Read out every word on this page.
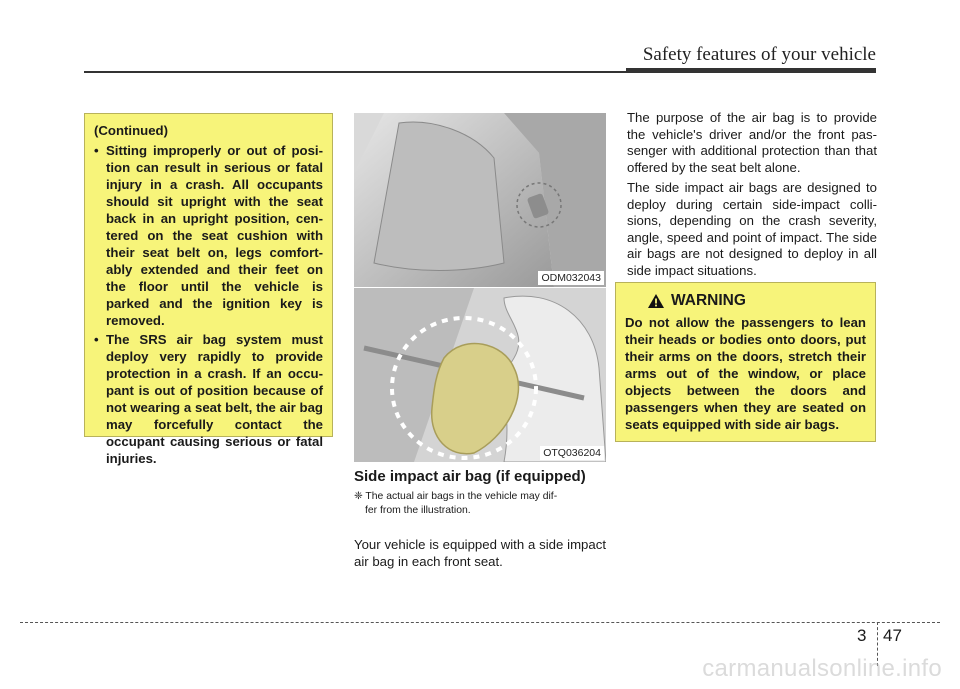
Safety features of your vehicle
(Continued)
• Sitting improperly or out of posi-tion can result in serious or fatal injury in a crash. All occupants should sit upright with the seat back in an upright position, cen-tered on the seat cushion with their seat belt on, legs comfort-ably extended and their feet on the floor until the vehicle is parked and the ignition key is removed.
• The SRS air bag system must deploy very rapidly to provide protection in a crash. If an occu-pant is out of position because of not wearing a seat belt, the air bag may forcefully contact the occupant causing serious or fatal injuries.
ODM032043
OTQ036204
Side impact air bag (if equipped)
❈ The actual air bags in the vehicle may dif-
fer from the illustration.
Your vehicle is equipped with a side impact air bag in each front seat.

The purpose of the air bag is to provide the vehicle's driver and/or the front pas-senger with additional protection than that offered by the seat belt alone.

The side impact air bags are designed to deploy during certain side-impact colli-sions, depending on the crash severity, angle, speed and point of impact. The side air bags are not designed to deploy in all side impact situations.

WARNING
Do not allow the passengers to lean their heads or bodies onto doors, put their arms on the doors, stretch their arms out of the window, or place objects between the doors and passengers when they are seated on seats equipped with side air bags.
3 47
carmanualsonline.info
